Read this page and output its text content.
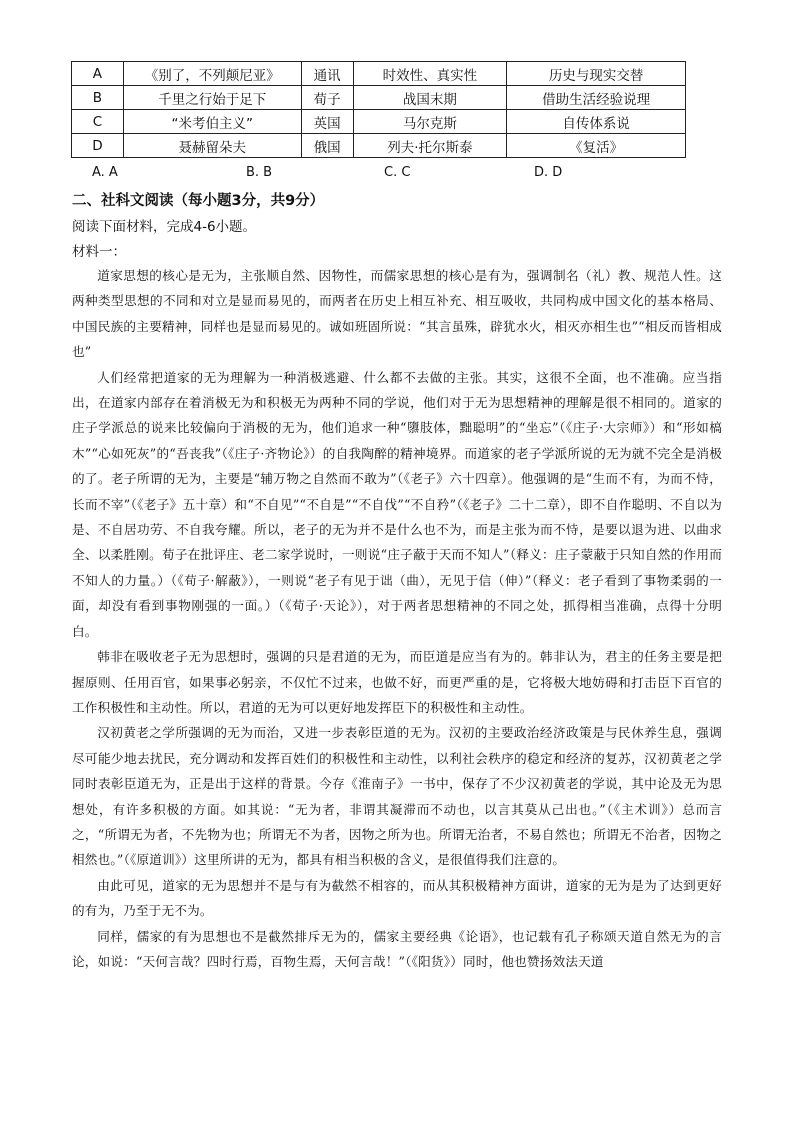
A	《别了，不列颠尼亚》	通讯	时效性、真实性	历史与现实交替
B	千里之行始于足下	荀子	战国末期	借助生活经验说理
C	“米考伯主义”	英国	马尔克斯	自传体系说
D	聂赫留朵夫	俄国	列夫·托尔斯泰	《复活》
A. A	B. B	C. C	D. D
二、社科文阅读（每小题3分，共9分）
阅读下面材料，完成4-6小题。
材料一：

道家思想的核心是无为，主张顺自然、因物性，而儒家思想的核心是有为，强调制名（礼）教、规范人性。这两种类型思想的不同和对立是显而易见的，而两者在历史上相互补充、相互吸收，共同构成中国文化的基本格局、中国民族的主要精神，同样也是显而易见的。诚如班固所说：“其言虽殊，辟犹水火，相灭亦相生也”“相反而皆相成也”

人们经常把道家的无为理解为一种消极逃避、什么都不去做的主张。其实，这很不全面，也不准确。应当指出，在道家内部存在着消极无为和积极无为两种不同的学说，他们对于无为思想精神的理解是很不相同的。道家的庄子学派总的说来比较偏向于消极的无为，他们追求一种“隳肢体，黜聪明”的“坐忘”（《庄子·大宗师》）和“形如槁木”“心如死灰”的“吾丧我”（《庄子·齐物论》）的自我陶醉的精神境界。而道家的老子学派所说的无为就不完全是消极的了。老子所谓的无为，主要是“辅万物之自然而不敢为”（《老子》六十四章）。他强调的是“生而不有，为而不恃，长而不宰”（《老子》五十章）和“不自见”“不自是”“不自伐”“不自矜”（《老子》二十二章），即不自作聪明、不自以为是、不自居功劳、不自我夸耀。所以，老子的无为并不是什么也不为，而是主张为而不恃，是要以退为进、以曲求全、以柔胜刚。荀子在批评庄、老二家学说时，一则说“庄子蔽于天而不知人”（释义：庄子蒙蔽于只知自然的作用而不知人的力量。）（《荀子·解蔽》），一则说“老子有见于诎（曲），无见于信（伸）”（释义：老子看到了事物柔弱的一面，却没有看到事物刚强的一面。）（《荀子·天论》），对于两者思想精神的不同之处，抓得相当准确，点得十分明白。

韩非在吸收老子无为思想时，强调的只是君道的无为，而臣道是应当有为的。韩非认为，君主的任务主要是把握原则、任用百官，如果事必躬亲，不仅忙不过来，也做不好，而更严重的是，它将极大地妨碍和打击臣下百官的工作积极性和主动性。所以，君道的无为可以更好地发挥臣下的积极性和主动性。

汉初黄老之学所强调的无为而治，又进一步表彰臣道的无为。汉初的主要政治经济政策是与民休养生息，强调尽可能少地去扰民，充分调动和发挥百姓们的积极性和主动性，以利社会秩序的稳定和经济的复苏，汉初黄老之学同时表彰臣道无为，正是出于这样的背景。今存《淮南子》一书中，保存了不少汉初黄老的学说，其中论及无为思想处，有许多积极的方面。如其说：“无为者，非谓其凝滞而不动也，以言其莫从己出也。”（《主术训》）总而言之，“所谓无为者，不先物为也；所谓无不为者，因物之所为也。所谓无治者，不易自然也；所谓无不治者，因物之相然也。”（《原道训》）这里所讲的无为，都具有相当积极的含义，是很值得我们注意的。

由此可见，道家的无为思想并不是与有为截然不相容的，而从其积极精神方面讲，道家的无为是为了达到更好的有为，乃至于无不为。

同样，儒家的有为思想也不是截然排斥无为的，儒家主要经典《论语》，也记载有孔子称颂天道自然无为的言论，如说：“天何言哉？四时行焉，百物生焉，天何言哉！”（《阳货》）同时，他也赞扬效法天道
